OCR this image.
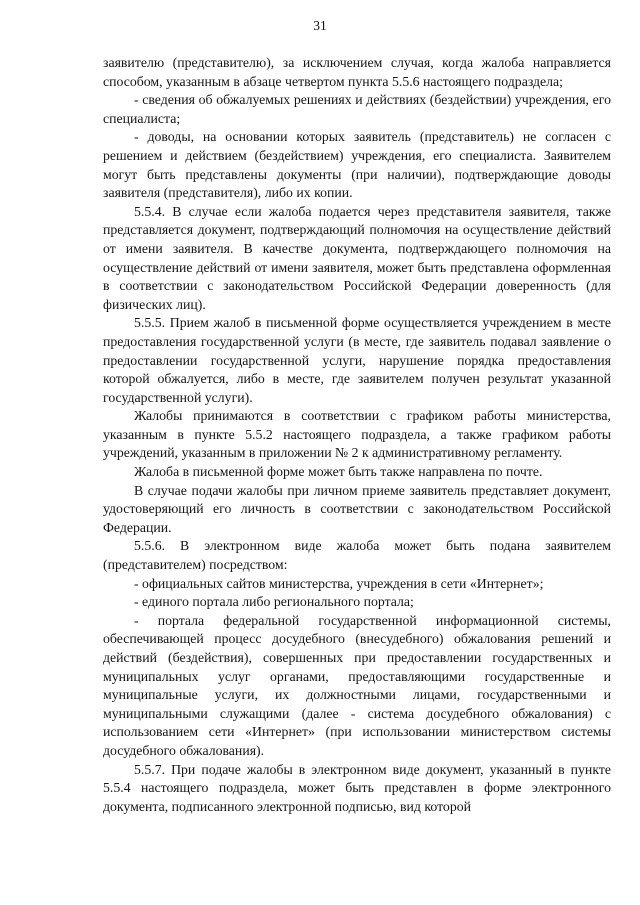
31

заявителю (представителю), за исключением случая, когда жалоба направляется способом, указанным в абзаце четвертом пункта 5.5.6 настоящего подраздела;

- сведения об обжалуемых решениях и действиях (бездействии) учреждения, его специалиста;

- доводы, на основании которых заявитель (представитель) не согласен с решением и действием (бездействием) учреждения, его специалиста. Заявителем могут быть представлены документы (при наличии), подтверждающие доводы заявителя (представителя), либо их копии.

5.5.4. В случае если жалоба подается через представителя заявителя, также представляется документ, подтверждающий полномочия на осуществление действий от имени заявителя. В качестве документа, подтверждающего полномочия на осуществление действий от имени заявителя, может быть представлена оформленная в соответствии с законодательством Российской Федерации доверенность (для физических лиц).

5.5.5. Прием жалоб в письменной форме осуществляется учреждением в месте предоставления государственной услуги (в месте, где заявитель подавал заявление о предоставлении государственной услуги, нарушение порядка предоставления которой обжалуется, либо в месте, где заявителем получен результат указанной государственной услуги).

Жалобы принимаются в соответствии с графиком работы министерства, указанным в пункте 5.5.2 настоящего подраздела, а также графиком работы учреждений, указанным в приложении № 2 к административному регламенту.

Жалоба в письменной форме может быть также направлена по почте.

В случае подачи жалобы при личном приеме заявитель представляет документ, удостоверяющий его личность в соответствии с законодательством Российской Федерации.

5.5.6. В электронном виде жалоба может быть подана заявителем (представителем) посредством:

- официальных сайтов министерства, учреждения в сети «Интернет»;

- единого портала либо регионального портала;

- портала федеральной государственной информационной системы, обеспечивающей процесс досудебного (внесудебного) обжалования решений и действий (бездействия), совершенных при предоставлении государственных и муниципальных услуг органами, предоставляющими государственные и муниципальные услуги, их должностными лицами, государственными и муниципальными служащими (далее - система досудебного обжалования) с использованием сети «Интернет» (при использовании министерством системы досудебного обжалования).

5.5.7. При подаче жалобы в электронном виде документ, указанный в пункте 5.5.4 настоящего подраздела, может быть представлен в форме электронного документа, подписанного электронной подписью, вид которой
